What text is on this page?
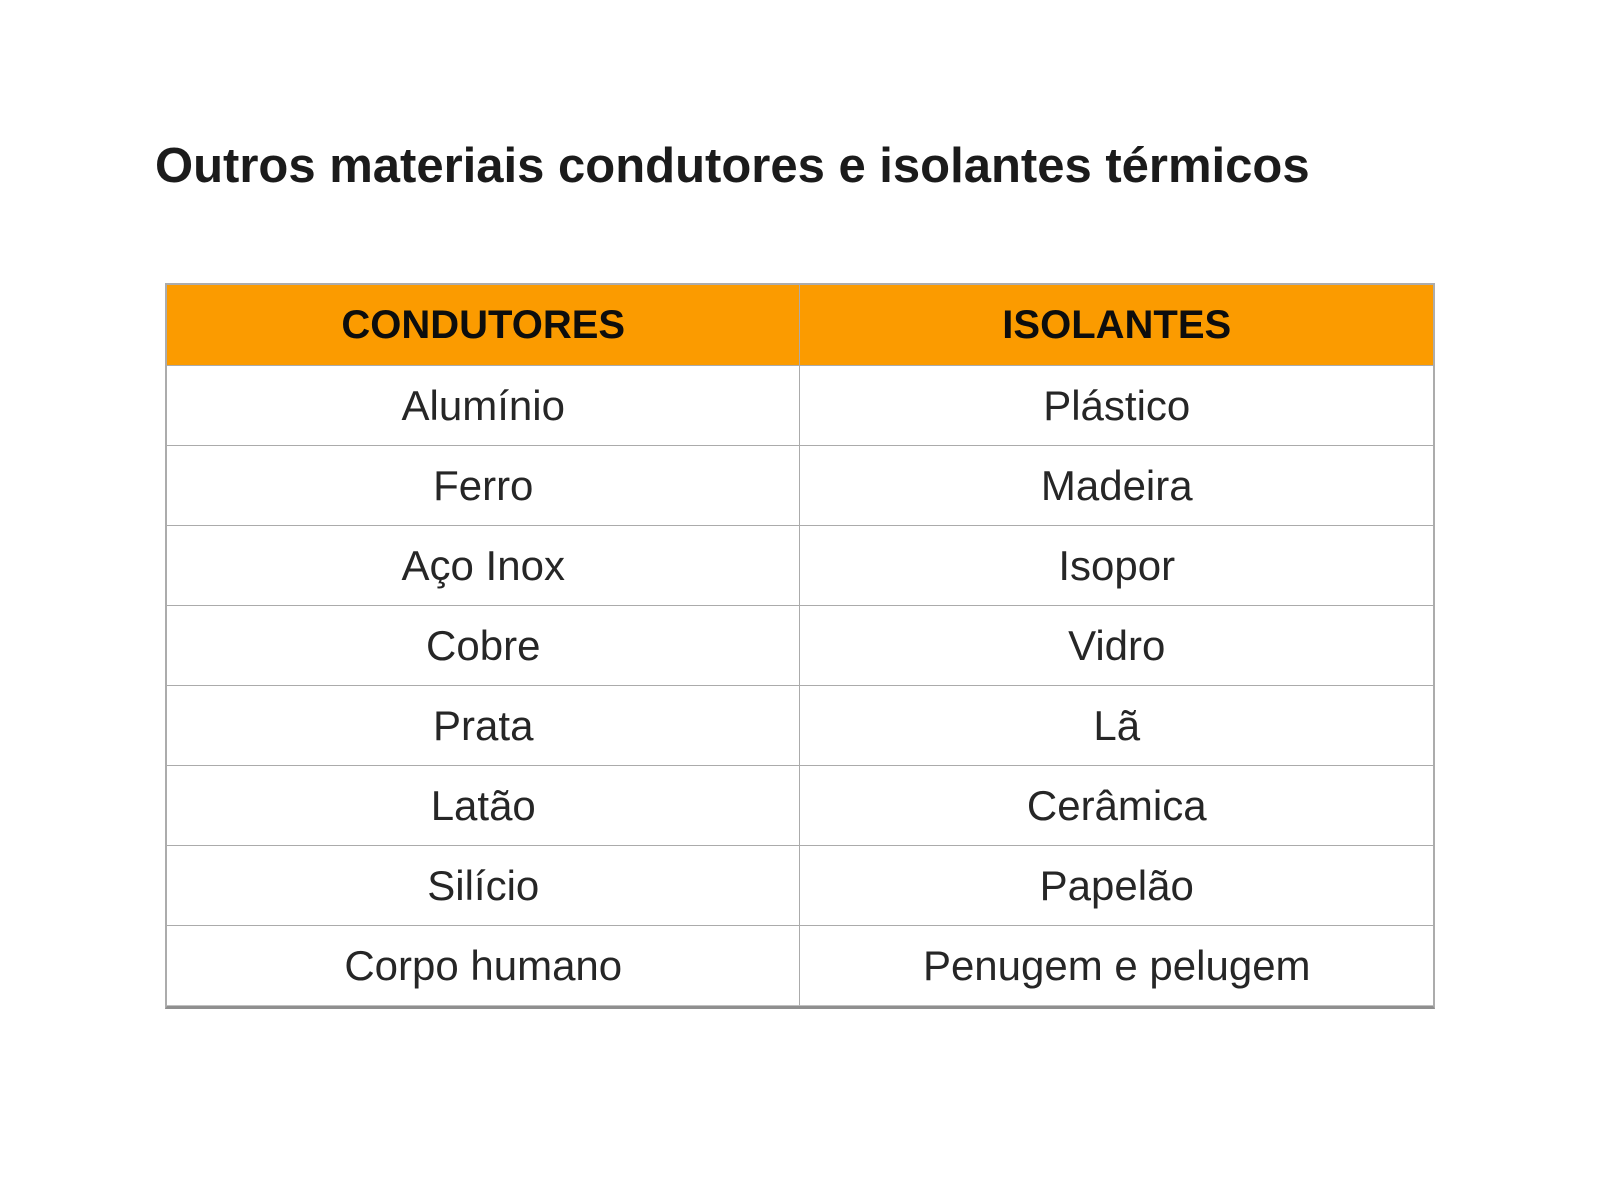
Outros materiais condutores e isolantes térmicos
CONDUTORES	ISOLANTES
Alumínio	Plástico
Ferro	Madeira
Aço Inox	Isopor
Cobre	Vidro
Prata	Lã
Latão	Cerâmica
Silício	Papelão
Corpo humano	Penugem e pelugem
